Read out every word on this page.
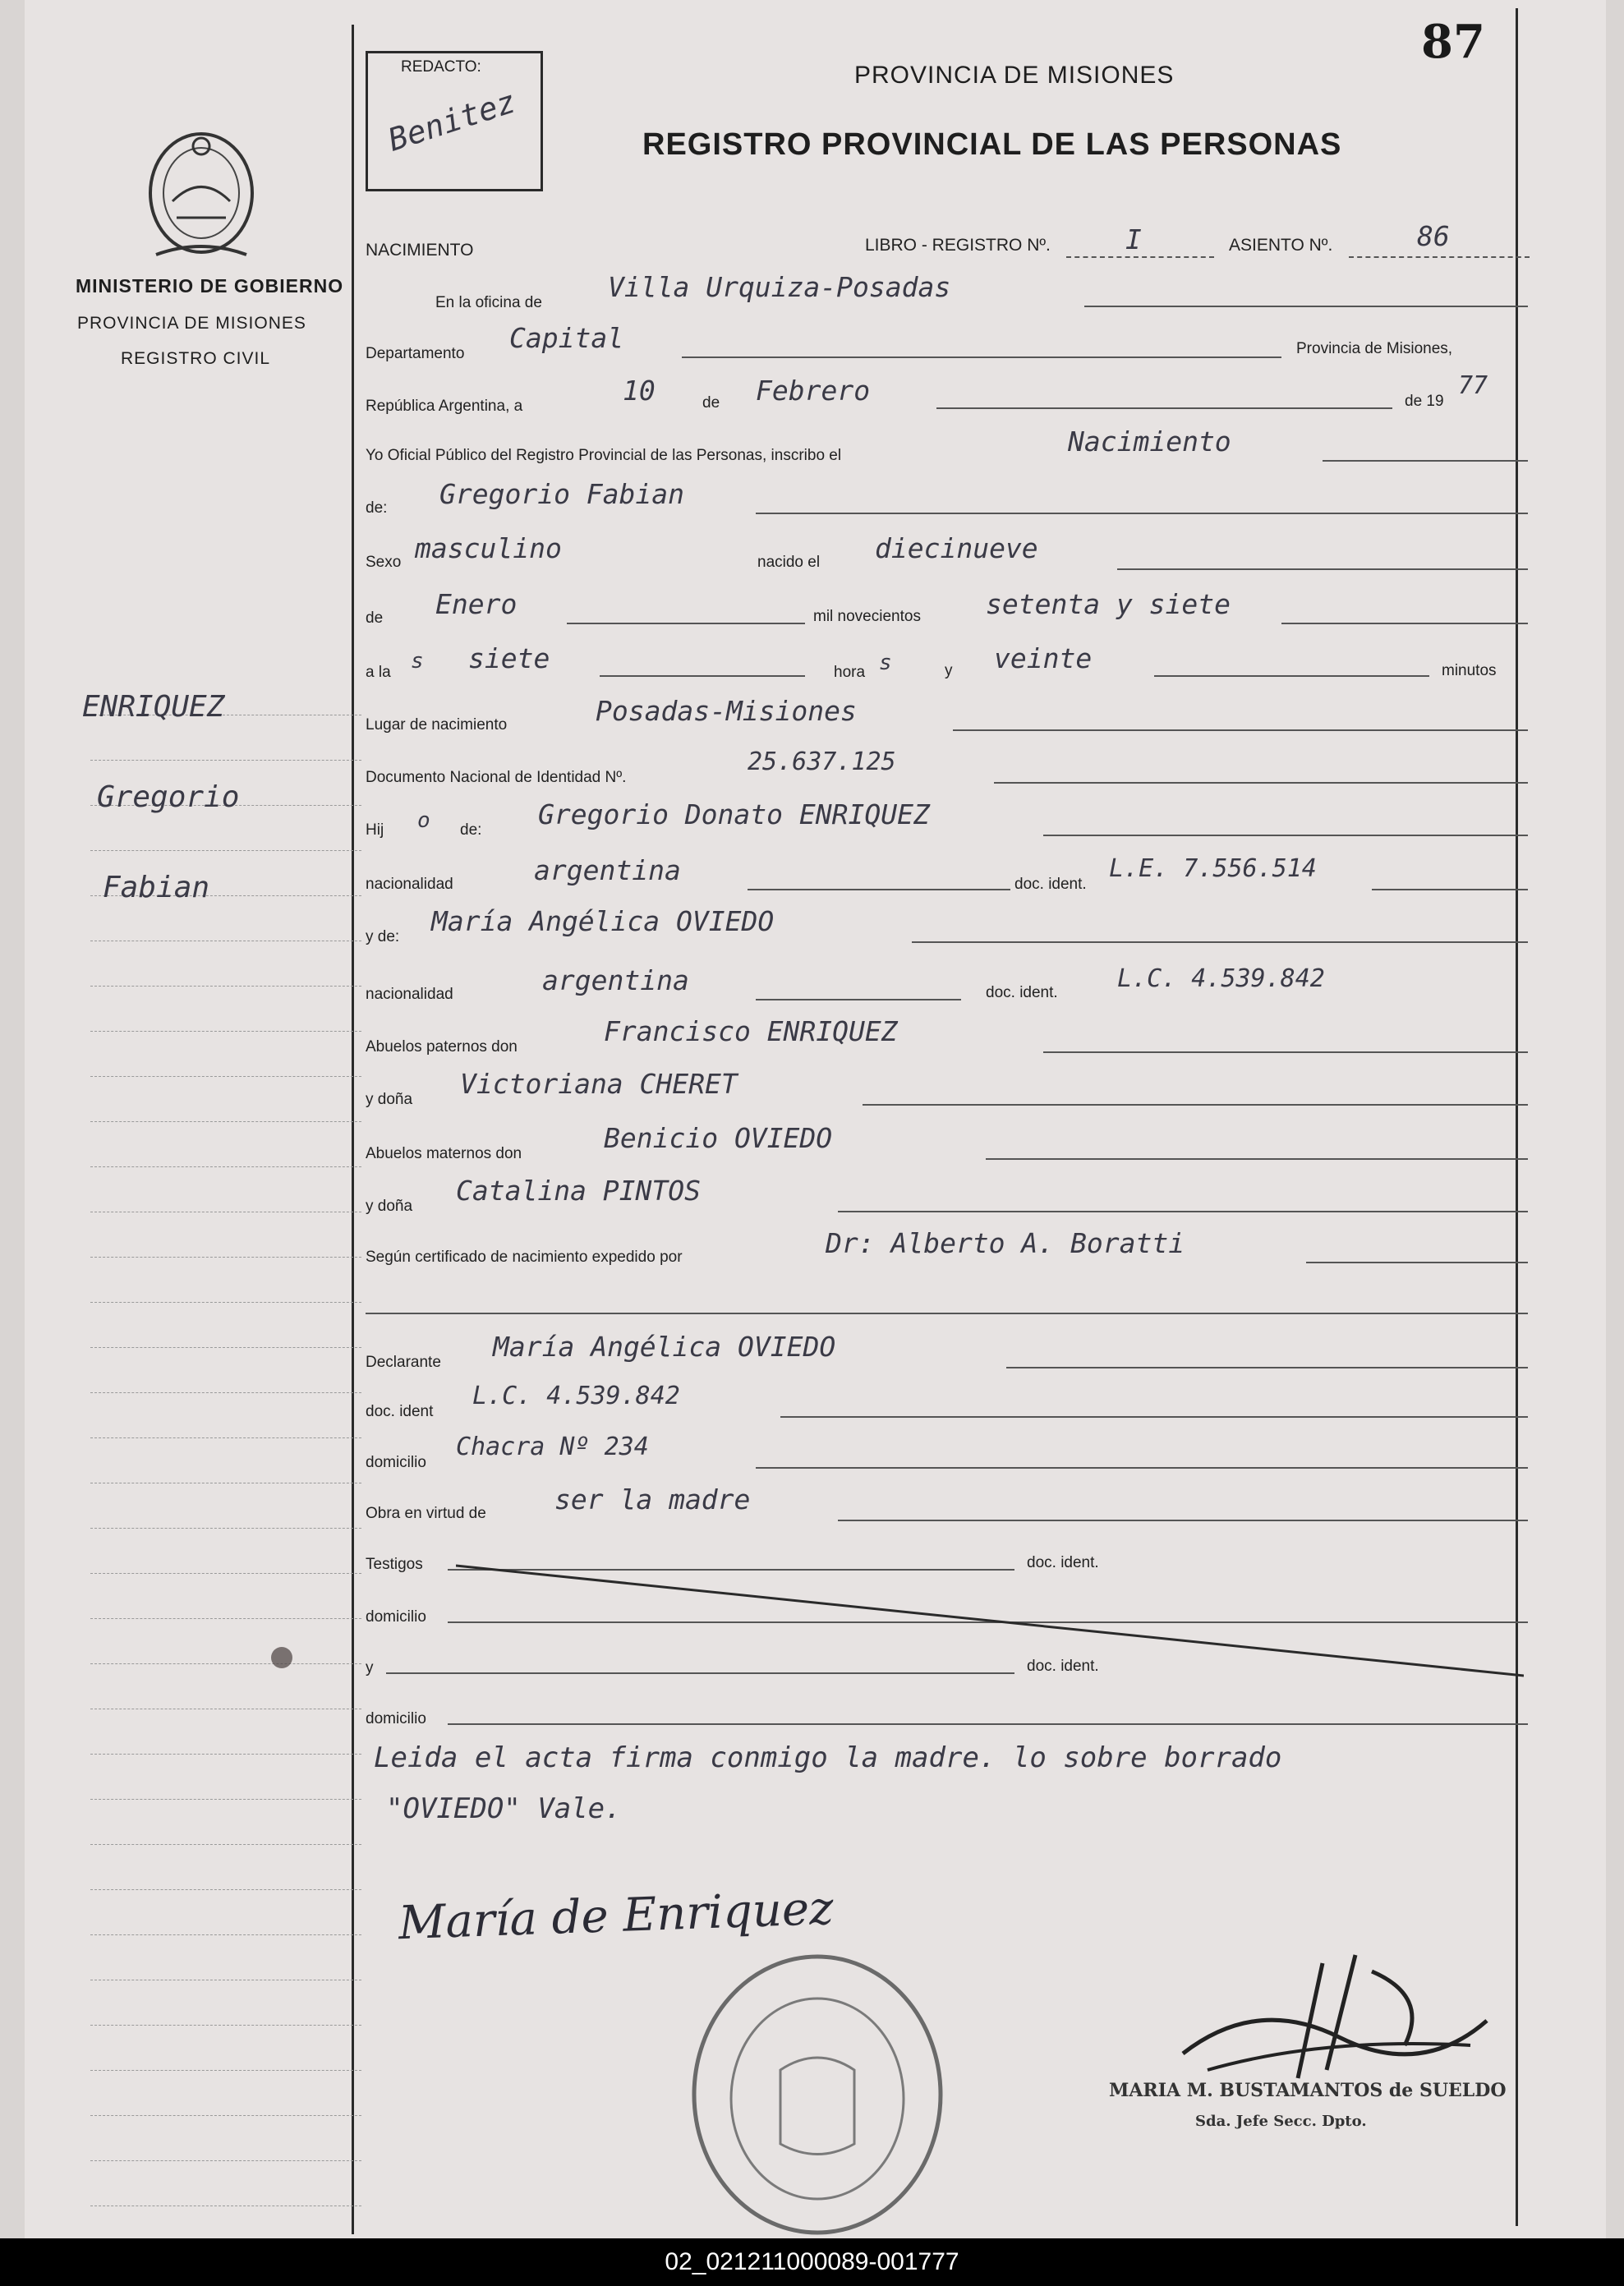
87
MINISTERIO DE GOBIERNO
PROVINCIA DE MISIONES
REGISTRO CIVIL
ENRIQUEZ
Gregorio
Fabian
REDACTO:
Benitez
PROVINCIA DE MISIONES
REGISTRO PROVINCIAL DE LAS PERSONAS
NACIMIENTO	LIBRO - REGISTRO Nº.	I	ASIENTO Nº.	86
En la oficina de Villa Urquiza-Posadas
Departamento Capital	Provincia de Misiones,
República Argentina, a	10	de Febrero	de 19
77
Yo Oficial Público del Registro Provincial de las Personas, inscribo el	Nacimiento
de: Gregorio Fabian
Sexo masculino	nacido el diecinueve
de Enero	mil novecientos setenta y siete
a la s siete	hora s	y veinte	minutos
Lugar de nacimiento	Posadas-Misiones
Documento Nacional de Identidad Nº.
25.637.125
Hij o de: Gregorio Donato ENRIQUEZ
nacionalidad	argentina	doc. ident.
L.E. 7.556.514
y de: María Angélica OVIEDO
nacionalidad	argentina	doc. ident. L.C. 4.539.842
Abuelos paternos don	Francisco ENRIQUEZ
y doña Victoriana CHERET
Abuelos maternos don	Benicio OVIEDO
y doña Catalina PINTOS
Según certificado de nacimiento expedido por	Dr: Alberto A. Boratti
Declarante María Angélica OVIEDO
doc. ident
L.C. 4.539.842
domicilio
Chacra Nº 234
Obra en virtud de	ser la madre
Testigos	doc. ident.
domicilio
y	doc. ident.
domicilio
Leida el acta firma conmigo la madre. lo sobre borrado
"OVIEDO" Vale.
María de Enriquez
MARIA M. BUSTAMANTOS de SUELDO
Sda. Jefe Secc. Dpto.
02_021211000089-001777
